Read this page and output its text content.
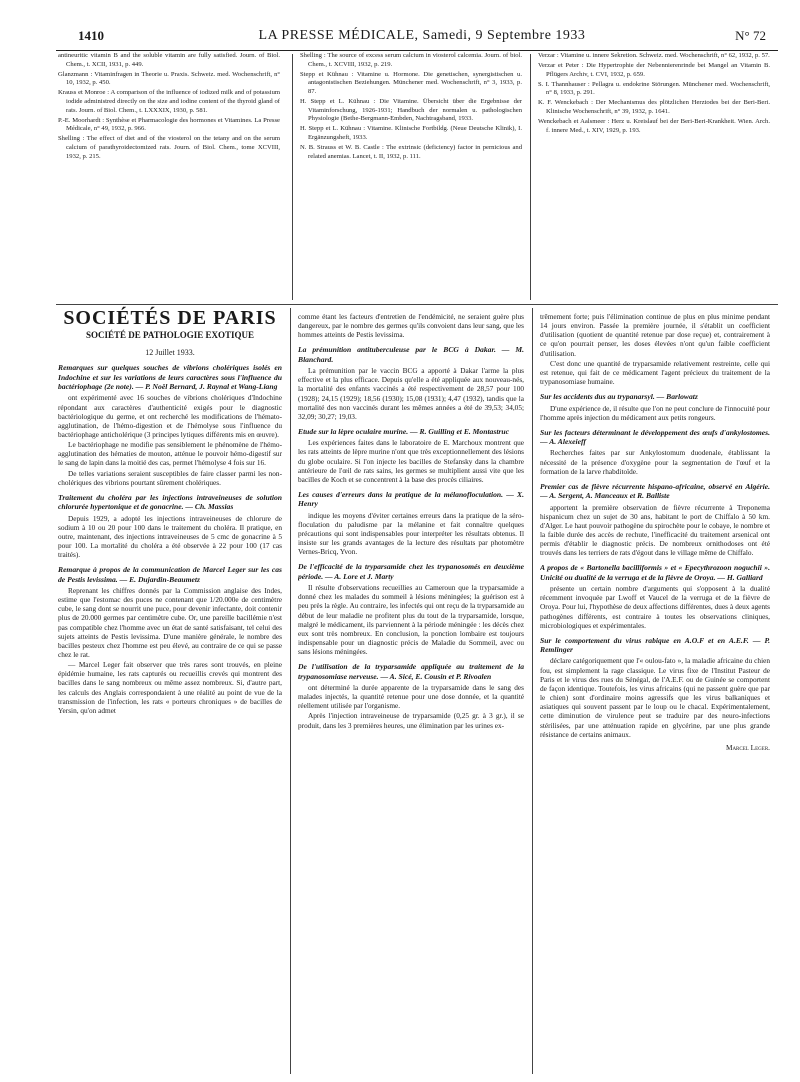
1410	LA PRESSE MÉDICALE, Samedi, 9 Septembre 1933	N° 72

antineuritic vitamin B and the soluble vitamin are fully satisfied. Journ. of Biol. Chem., t. XCII, 1931, p. 449.

Glanzmann : Vitaminfragen in Theorie u. Praxis. Schweiz. med. Wochenschrift, n° 10, 1932, p. 450.

Krauss et Monroe : A comparison of the influence of iodized milk and of potassium iodide administred directly on the size and iodine content of the thyroid gland of rats. Journ. of Biol. Chem., t. LXXXIX, 1930, p. 581.

P.-E. Moorhardt : Synthèse et Pharmacologie des hormones et Vitamines. La Presse Médicale, n° 49, 1932, p. 966.

Shelling : The effect of diet and of the viosterol on the tetany and on the serum calcium of parathyroidectomized rats. Journ. of Biol. Chem., tome XCVIII, 1932, p. 215.

Shelling : The source of excess serum calcium in viosterol calcemia. Journ. of biol. Chem., t. XCVIII, 1932, p. 219.

Stepp et Kühnau : Vitamine u. Hormone. Die genetischen, synergistischen u. antagonistischen Beziehungen. Münchener med. Wochenschrift, n° 3, 1933, p. 87.

H. Stepp et L. Kühnau : Die Vitamine. Übersicht über die Ergebnisse der Vitaminforschung, 1926-1931; Handbuch der normalen u. pathologischen Physiologie (Bethe-Bergmann-Embden, Nachtragsband, 1933.

H. Stepp et L. Kühnau : Vitamine. Klinische Fortbildg. (Neue Deutsche Klinik), I. Ergänzungsheft, 1933.

N. B. Strauss et W. B. Castle : The extrinsic (deficiency) factor in pernicious and related anemias. Lancet, t. II, 1932, p. 111.

Verzar : Vitamine u. innere Sekretion. Schweiz. med. Wochenschrift, n° 62, 1932, p. 57.

Verzar et Peter : Die Hypertrophie der Nebennierenrinde bei Mangel an Vitamin B. Pflügers Archiv, t. CVI, 1932, p. 659.

S. I. Thannhauser : Pellagra u. endokrine Störungen. Münchener med. Wochenschrift, n° 8, 1933, p. 291.

K. F. Wenckebach : Der Mechanismus des plötzlichen Herztodes bei der Beri-Beri. Klinische Wochenschrift, n° 39, 1932, p. 1641.

Wenckebach et Aalsmeer : Herz u. Kreislauf bei der Beri-Beri-Krankheit. Wien. Arch. f. innere Med., t. XIV, 1929, p. 193.

SOCIÉTÉS DE PARIS
SOCIÉTÉ DE PATHOLOGIE EXOTIQUE
12 Juillet 1933.
Remarques sur quelques souches de vibrions cholériques isolés en Indochine et sur les variations de leurs caractères sous l'influence du bactériophage (2e note). — P. Noël Bernard, J. Raynal et Wang-Liang

ont expérimenté avec 16 souches de vibrions cholériques d'Indochine répondant aux caractères d'authenticité exigés pour le diagnostic bactériologique du germe, et ont recherché les modifications de l'hémato-agglutination, de l'hémo-digestion et de l'hémolyse sous l'influence du bactériophage anticholérique (3 principes lytiques différents mis en œuvre).

Le bactériophage ne modifie pas sensiblement le phénomène de l'hémo-agglutination des hématies de mouton, atténue le pouvoir hémo-digestif sur le sang de lapin dans la moitié des cas, permet l'hémolyse 4 fois sur 16.

De telles variations seraient susceptibles de faire classer parmi les non-cholériques des vibrions pourtant sûrement cholériques.

Traitement du choléra par les injections intraveineuses de solution chlorurée hypertonique et de gonacrine. — Ch. Massias

Depuis 1929, a adopté les injections intraveineuses de chlorure de sodium à 10 ou 20 pour 100 dans le traitement du choléra. Il pratique, en outre, maintenant, des injections intraveineuses de 5 cmc de gonacrine à 5 pour 100. La mortalité du choléra a été observée à 22 pour 100 (17 cas traités).

Remarque à propos de la communication de Marcel Leger sur les cas de Pestis levissima. — E. Dujardin-Beaumetz

Reprenant les chiffres donnés par la Commission anglaise des Indes, estime que l'estomac des puces ne contenant que 1/20.000e de centimètre cube, le sang dont se nourrit une puce, pour devenir infectante, doit contenir plus de 20.000 germes par centimètre cube. Or, une pareille bacillémie n'est pas compatible chez l'homme avec un état de santé satisfaisant, tel celui des sujets atteints de Pestis levissima. D'une manière générale, le nombre des bacilles pesteux chez l'homme est peu élevé, au contraire de ce qui se passe chez le rat.

— Marcel Leger fait observer que très rares sont trouvés, en pleine épidémie humaine, les rats capturés ou recueillis crevés qui montrent des bacilles dans le sang nombreux ou même assez nombreux. Si, d'autre part, les calculs des Anglais correspondaient à une réalité au point de vue de la transmission de l'infection, les rats « porteurs chroniques » de bacilles de Yersin, qu'on admet

comme étant les facteurs d'entretien de l'endémicité, ne seraient guère plus dangereux, par le nombre des germes qu'ils convoient dans leur sang, que les hommes atteints de Pestis levissima.

La prémunition antituberculeuse par le BCG à Dakar. — M. Blanchard.

La prémunition par le vaccin BCG a apporté à Dakar l'arme la plus effective et la plus efficace. Depuis qu'elle a été appliquée aux nouveau-nés, la mortalité des enfants vaccinés a été respectivement de 28,57 pour 100 (1928); 24,15 (1929); 18,56 (1930); 15,08 (1931); 4,47 (1932), tandis que la mortalité des non vaccinés durant les mêmes années a été de 39,53; 34,05; 32,09; 30,27; 19,03.

Etude sur la lèpre oculaire murine. — R. Guilling et E. Montastruc

Les expériences faites dans le laboratoire de E. Marchoux montrent que les rats atteints de lèpre murine n'ont que très exceptionnellement des lésions du globe oculaire. Si l'on injecte les bacilles de Stefansky dans la chambre antérieure de l'œil de rats sains, les germes se multiplient aussi vite que les bacilles de Koch et se concentrent à la base des procès ciliaires.

Les causes d'erreurs dans la pratique de la mélanofloculation. — X. Henry

indique les moyens d'éviter certaines erreurs dans la pratique de la séro-floculation du paludisme par la mélanine et fait connaître quelques précautions qui sont indispensables pour interpréter les résultats obtenus. Il insiste sur les grands avantages de la lecture des résultats par photomètre Vernes-Bricq, Yvon.

De l'efficacité de la tryparsamide chez les trypanosomés en deuxième période. — A. Lore et J. Marty

Il résulte d'observations recueillies au Cameroun que la tryparsamide a donné chez les malades du sommeil à lésions méningées; la guérison est à peu près la règle. Au contraire, les infectés qui ont reçu de la tryparsamide au début de leur maladie ne profitent plus du tout de la tryparsamide, lorsque, malgré le médicament, ils parviennent à la période méningée : les décès chez eux sont très nombreux. En conclusion, la ponction lombaire est toujours indispensable pour un diagnostic précis de Maladie du Sommeil, avec ou sans lésions méningées.

De l'utilisation de la tryparsamide appliquée au traitement de la trypanosomiase nerveuse. — A. Sicé, E. Cousin et P. Rivoalen

ont déterminé la durée apparente de la tryparsamide dans le sang des malades injectés, la quantité retenue pour une dose donnée, et la quantité réellement utilisée par l'organisme.

Après l'injection intraveineuse de tryparsamide (0,25 gr. à 3 gr.), il se produit, dans les 3 premières heures, une élimination par les urines ex-

trêmement forte; puis l'élimination continue de plus en plus minime pendant 14 jours environ. Passée la première journée, il s'établit un coefficient d'utilisation (quotient de quantité retenue par dose reçue) et, contrairement à ce qu'on pourrait penser, les doses élevées n'ont qu'un faible coefficient d'utilisation.

C'est donc une quantité de tryparsamide relativement restreinte, celle qui est retenue, qui fait de ce médicament l'agent précieux du traitement de la trypanosomiase humaine.

Sur les accidents dus au trypanarsyl. — Barlowatz

D'une expérience de, il résulte que l'on ne peut conclure de l'innocuité pour l'homme après injection du médicament aux petits rongeurs.

Sur les facteurs déterminant le développement des œufs d'ankylostomes. — A. Alexeieff

Recherches faites par sur Ankylostomum duodenale, établissant la nécessité de la présence d'oxygène pour la segmentation de l'œuf et la formation de la larve rhabditoïde.

Premier cas de fièvre récurrente hispano-africaine, observé en Algérie. — A. Sergent, A. Manceaux et R. Balliste

apportent la première observation de fièvre récurrente à Treponema hispanicum chez un sujet de 30 ans, habitant le port de Chiffalo à 50 km. d'Alger. Le haut pouvoir pathogène du spirochète pour le cobaye, le nombre et la faible durée des accès de rechute, l'inefficacité du traitement arsenical ont permis d'établir le diagnostic précis. De nombreux ornithodoses ont été trouvés dans les terriers de rats d'égout dans le village même de Chiffalo.

A propos de « Bartonella bacilliformis » et « Epecythrozoon noguchii ». Unicité ou dualité de la verruga et de la fièvre de Oroya. — H. Galliard

présente un certain nombre d'arguments qui s'opposent à la dualité récemment invoquée par Lwoff et Vaucel de la verruga et de la fièvre de Oroya. Pour lui, l'hypothèse de deux affections différentes, dues à deux agents pathogènes différents, est contraire à toutes les observations cliniques, microbiologiques et expérimentales.

Sur le comportement du virus rabique en A.O.F et en A.E.F. — P. Remlinger

déclare catégoriquement que l'« oulou-fato », la maladie africaine du chien fou, est simplement la rage classique. Le virus fixe de l'Institut Pasteur de Paris et le virus des rues du Sénégal, de l'A.E.F. ou de Guinée se comportent de façon identique. Toutefois, les virus africains (qui ne passent guère que par le chien) sont d'ordinaire moins agressifs que les virus balkaniques et asiatiques qui souvent passent par le loup ou le chacal. Expérimentalement, cette diminution de virulence peut se traduire par des neuro-infections stérilisées, par une atténuation rapide en glycérine, par une plus grande résistance de certains animaux.

Marcel Leger.
